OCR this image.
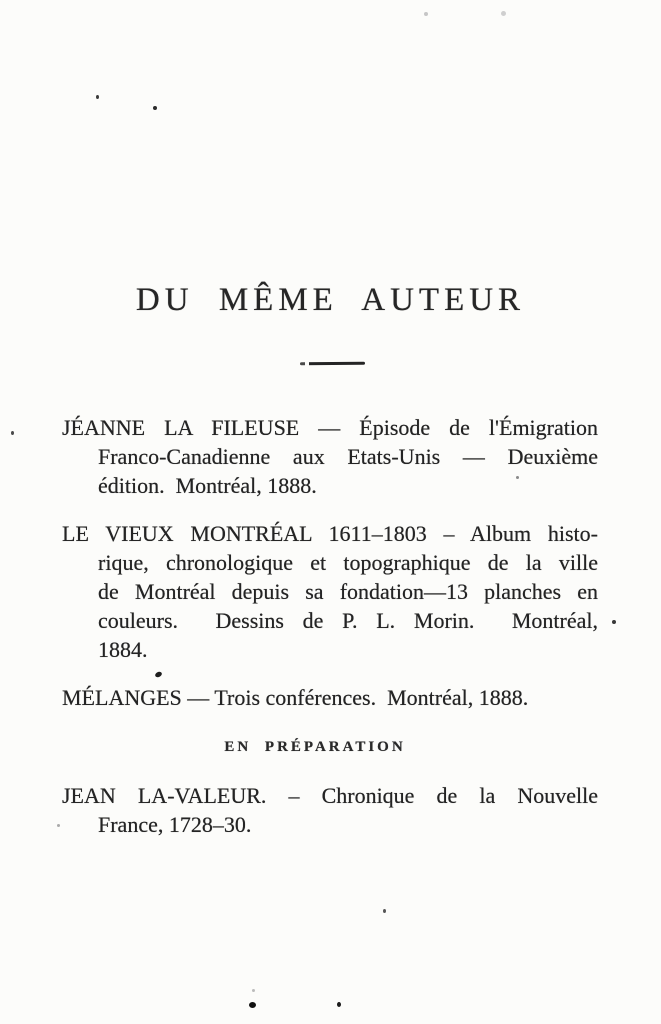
DU MÊME AUTEUR

JÉANNE LA FILEUSE — Épisode de l'Émigration
Franco-Canadienne aux Etats-Unis — Deuxième
édition.  Montréal, 1888.

LE VIEUX MONTRÉAL 1611–1803 – Album histo-
rique, chronologique et topographique de la ville
de Montréal depuis sa fondation—13 planches en
couleurs.  Dessins de P. L. Morin.  Montréal,
1884.

MÉLANGES — Trois conférences.  Montréal, 1888.

EN PRÉPARATION

JEAN LA-VALEUR. – Chronique de la Nouvelle
France, 1728–30.
